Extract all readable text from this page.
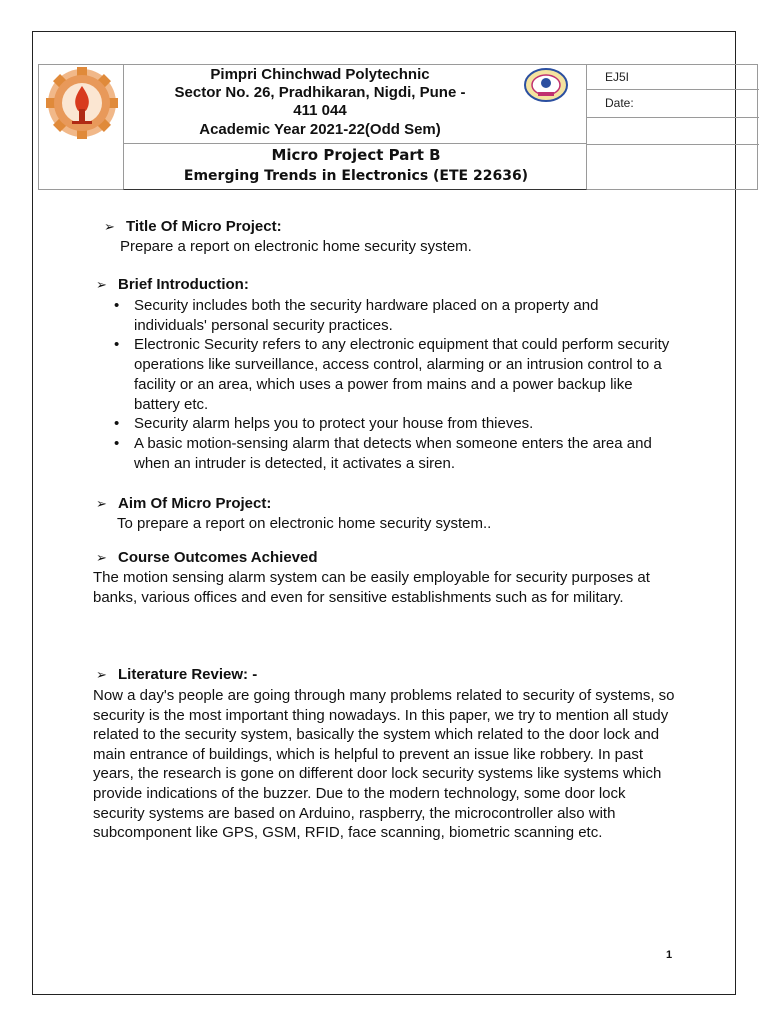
Pimpri Chinchwad Polytechnic
Sector No. 26, Pradhikaran, Nigdi, Pune -
411 044
Academic Year 2021-22(Odd Sem)
EJ5I
Date:
Micro Project Part B
Emerging Trends in Electronics (ETE 22636)
➢ Title Of Micro Project:

Prepare a report on electronic home security system.

➢ Brief Introduction:
• Security includes both the security hardware placed on a property and individuals' personal security practices.
• Electronic Security refers to any electronic equipment that could perform security operations like surveillance, access control, alarming or an intrusion control to a facility or an area, which uses a power from mains and a power backup like battery etc.
• Security alarm helps you to protect your house from thieves.
• A basic motion-sensing alarm that detects when someone enters the area and when an intruder is detected, it activates a siren.
➢ Aim Of Micro Project:

To prepare a report on electronic home security system..

➢ Course Outcomes Achieved

The motion sensing alarm system can be easily employable for security purposes at banks, various offices and even for sensitive establishments such as for military.

➢ Literature Review: -

Now a day's people are going through many problems related to security of systems, so security is the most important thing nowadays. In this paper, we try to mention all study related to the security system, basically the system which related to the door lock and main entrance of buildings, which is helpful to prevent an issue like robbery. In past years, the research is gone on different door lock security systems like systems which provide indications of the buzzer. Due to the modern technology, some door lock security systems are based on Arduino, raspberry, the microcontroller also with subcomponent like GPS, GSM, RFID, face scanning, biometric scanning etc.

1
